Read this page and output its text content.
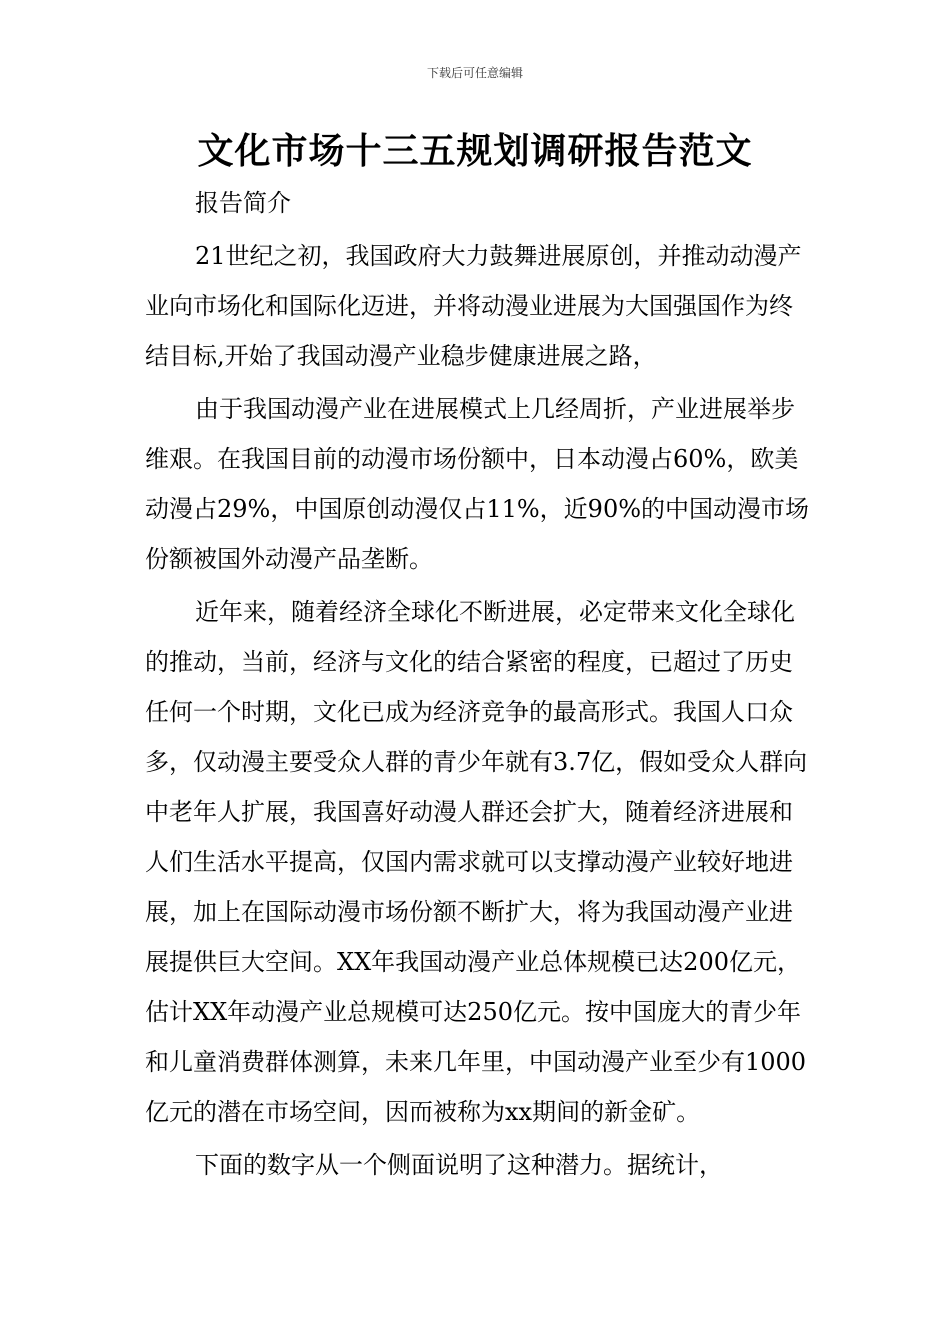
下载后可任意编辑
文化市场十三五规划调研报告范文

报告简介

21世纪之初，我国政府大力鼓舞进展原创，并推动动漫产业向市场化和国际化迈进，并将动漫业进展为大国强国作为终结目标,开始了我国动漫产业稳步健康进展之路，

由于我国动漫产业在进展模式上几经周折，产业进展举步维艰。在我国目前的动漫市场份额中，日本动漫占60%，欧美动漫占29%，中国原创动漫仅占11%，近90%的中国动漫市场份额被国外动漫产品垄断。

近年来，随着经济全球化不断进展，必定带来文化全球化的推动，当前，经济与文化的结合紧密的程度，已超过了历史任何一个时期，文化已成为经济竞争的最高形式。我国人口众多，仅动漫主要受众人群的青少年就有3.7亿，假如受众人群向中老年人扩展，我国喜好动漫人群还会扩大，随着经济进展和人们生活水平提高，仅国内需求就可以支撑动漫产业较好地进展，加上在国际动漫市场份额不断扩大，将为我国动漫产业进展提供巨大空间。XX年我国动漫产业总体规模已达200亿元，估计XX年动漫产业总规模可达250亿元。按中国庞大的青少年和儿童消费群体测算，未来几年里，中国动漫产业至少有1000亿元的潜在市场空间，因而被称为xx期间的新金矿。

下面的数字从一个侧面说明了这种潜力。据统计，
